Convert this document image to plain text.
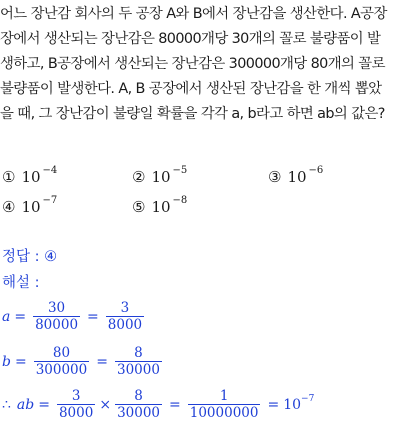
어느 장난감 회사의 두 공장 A와 B에서 장난감을 생산한다. A공장
장에서 생산되는 장난감은 80000개당 30개의 꼴로 불량품이 발
생하고, B공장에서 생산되는 장난감은 300000개당 80개의 꼴로
불량품이 발생한다. A, B 공장에서 생산된 장난감을 한 개씩 뽑았
을 때, 그 장난감이 불량일 확률을 각각 a, b라고 하면 ab의 값은?
① 10 $^{-4}$	② 10 $^{-5}$	③ 10 $^{-6}$
④ 10 $^{-7}$	⑤ 10 $^{-8}$
정답 : ④
해설 :
$a = \frac{30}{80000} = \frac{3}{8000}$
$b = \frac{80}{300000} = \frac{8}{30000}$
∴ ab = $\frac{3}{8000} \times \frac{8}{30000} = \frac{1}{10000000} = 10^{-7}$
